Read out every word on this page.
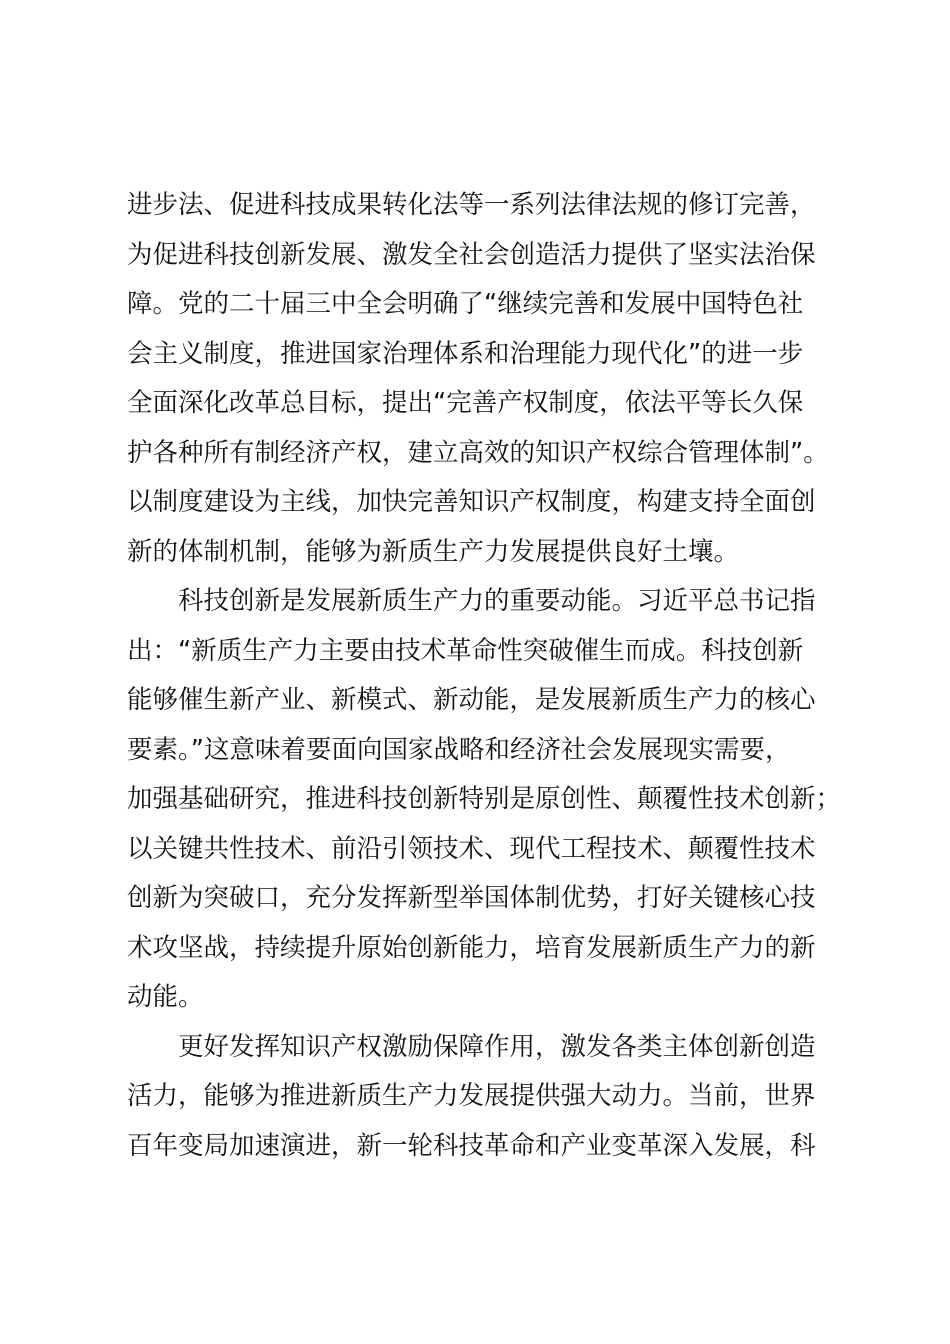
进步法、促进科技成果转化法等一系列法律法规的修订完善，
为促进科技创新发展、激发全社会创造活力提供了坚实法治保
障。党的二十届三中全会明确了“继续完善和发展中国特色社
会主义制度，推进国家治理体系和治理能力现代化”的进一步
全面深化改革总目标，提出“完善产权制度，依法平等长久保
护各种所有制经济产权，建立高效的知识产权综合管理体制”。
以制度建设为主线，加快完善知识产权制度，构建支持全面创
新的体制机制，能够为新质生产力发展提供良好土壤。
科技创新是发展新质生产力的重要动能。习近平总书记指
出：“新质生产力主要由技术革命性突破催生而成。科技创新
能够催生新产业、新模式、新动能，是发展新质生产力的核心
要素。”这意味着要面向国家战略和经济社会发展现实需要，
加强基础研究，推进科技创新特别是原创性、颠覆性技术创新；
以关键共性技术、前沿引领技术、现代工程技术、颠覆性技术
创新为突破口，充分发挥新型举国体制优势，打好关键核心技
术攻坚战，持续提升原始创新能力，培育发展新质生产力的新
动能。
更好发挥知识产权激励保障作用，激发各类主体创新创造
活力，能够为推进新质生产力发展提供强大动力。当前，世界
百年变局加速演进，新一轮科技革命和产业变革深入发展，科
